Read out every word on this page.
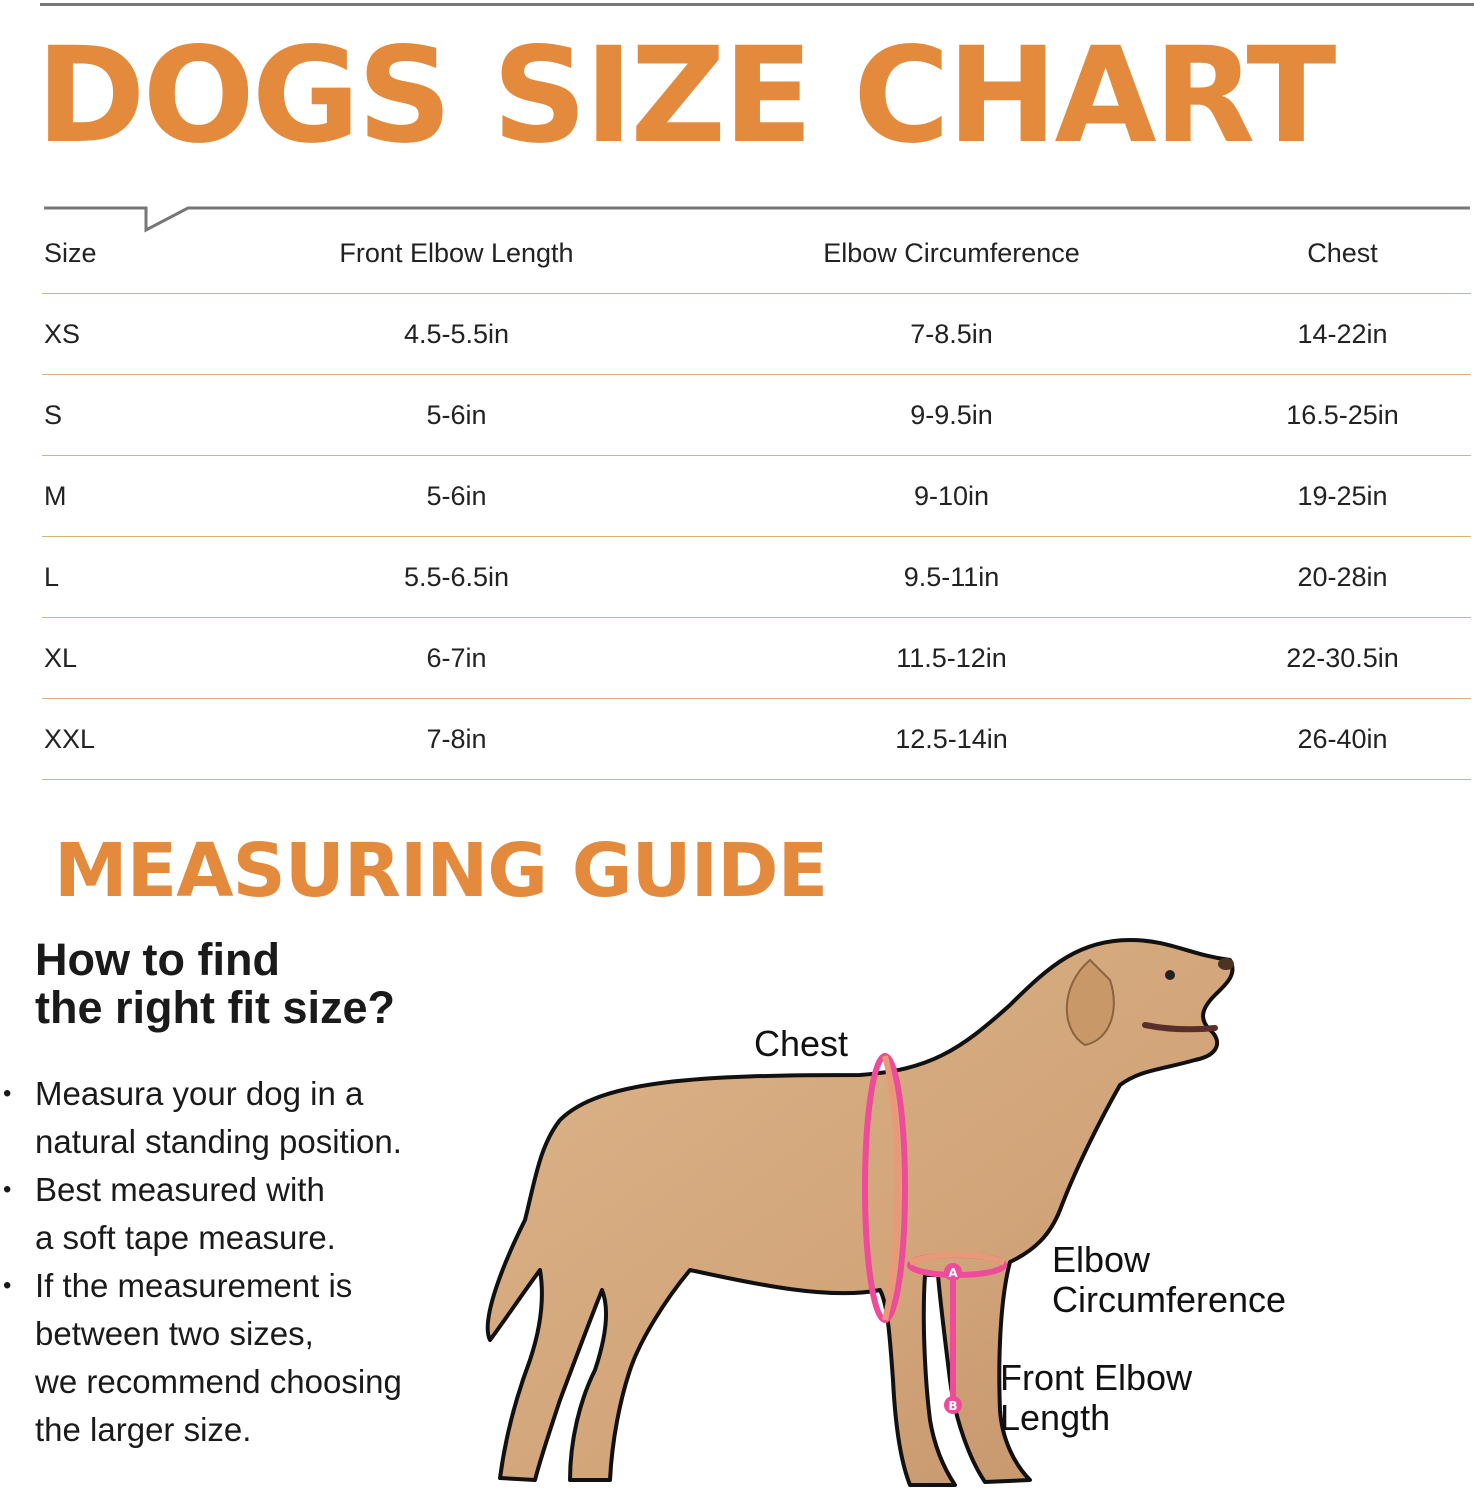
DOGS SIZE CHART
Size	Front Elbow Length	Elbow Circumference	Chest
XS	4.5-5.5in	7-8.5in	14-22in
S	5-6in	9-9.5in	16.5-25in
M	5-6in	9-10in	19-25in
L	5.5-6.5in	9.5-11in	20-28in
XL	6-7in	11.5-12in	22-30.5in
XXL	7-8in	12.5-14in	26-40in
MEASURING GUIDE
How to find
the right fit size?
• Measura your dog in a
natural standing position.
• Best measured with
a soft tape measure.
• If the measurement is
between two sizes,
we recommend choosing
the larger size.
A
B
Chest
Elbow
Circumference
Front Elbow
Length
